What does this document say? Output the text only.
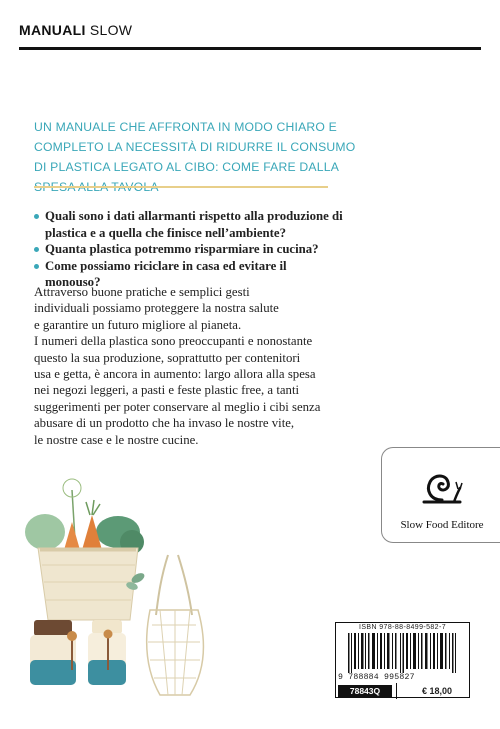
MANUALI SLOW
UN MANUALE CHE AFFRONTA IN MODO CHIARO E COMPLETO LA NECESSITÀ DI RIDURRE IL CONSUMO DI PLASTICA LEGATO AL CIBO: COME FARE DALLA
Quali sono i dati allarmanti rispetto alla produzione di plastica e a quella che finisce nell’ambiente?
Quanta plastica potremmo risparmiare in cucina?
Come possiamo riciclare in casa ed evitare il monouso?

Attraverso buone pratiche e semplici gesti
individuali possiamo proteggere la nostra salute
e garantire un futuro migliore al pianeta.

I numeri della plastica sono preoccupanti e nonostante
questo la sua produzione, soprattutto per contenitori
usa e getta, è ancora in aumento: largo allora alla spesa
nei negozi leggeri, a pasti e feste plastic free, a tanti
suggerimenti per poter conservare al meglio i cibi senza
abusare di un prodotto che ha invaso le nostre vite,
le nostre case e le nostre cucine.

Slow Food Editore
ISBN 978-88-8499-582-7
9 788884 995827
78843Q	€ 18,00
